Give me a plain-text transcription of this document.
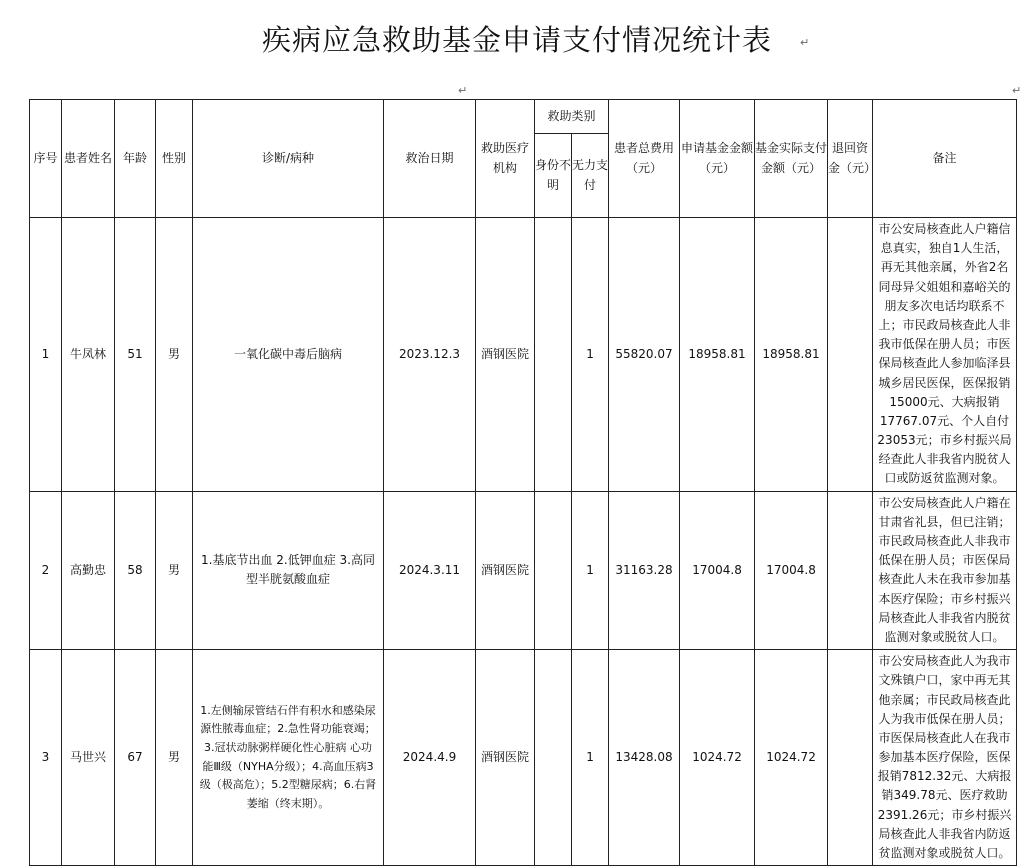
疾病应急救助基金申请支付情况统计表	↵
↵	↵
序号	患者姓名	年龄	性别	诊断/病种	救治日期	救助医疗机构	救助类别		患者总费用（元）	申请基金金额（元）	基金实际支付金额（元）	退回资金（元）	备注
							身份不明	无力支付					
1	牛凤林	51	男	一氧化碳中毒后脑病	2023.12.3	酒钢医院		1	55820.07	18958.81	18958.81		市公安局核查此人户籍信息真实，独自1人生活，再无其他亲属，外省2名同母异父姐姐和嘉峪关的朋友多次电话均联系不上；市民政局核查此人非我市低保在册人员；市医保局核查此人参加临泽县城乡居民医保，医保报销15000元、大病报销17767.07元、个人自付23053元；市乡村振兴局经查此人非我省内脱贫人口或防返贫监测对象。
2	高勤忠	58	男	1.基底节出血 2.低钾血症 3.高同型半胱氨酸血症	2024.3.11	酒钢医院		1	31163.28	17004.8	17004.8		市公安局核查此人户籍在甘肃省礼县，但已注销；市民政局核查此人非我市低保在册人员；市医保局核查此人未在我市参加基本医疗保险；市乡村振兴局核查此人非我省内脱贫监测对象或脱贫人口。
3	马世兴	67	男	1.左侧输尿管结石伴有积水和感染尿源性脓毒血症；2.急性肾功能衰竭；3.冠状动脉粥样硬化性心脏病 心功能Ⅲ级（NYHA分级）；4.高血压病3级（极高危）；5.2型糖尿病；6.右肾萎缩（终末期）。	2024.4.9	酒钢医院		1	13428.08	1024.72	1024.72		市公安局核查此人为我市文殊镇户口，家中再无其他亲属；市民政局核查此人为我市低保在册人员；市医保局核查此人在我市参加基本医疗保险，医保报销7812.32元、大病报销349.78元、医疗救助2391.26元；市乡村振兴局核查此人非我省内防返贫监测对象或脱贫人口。
